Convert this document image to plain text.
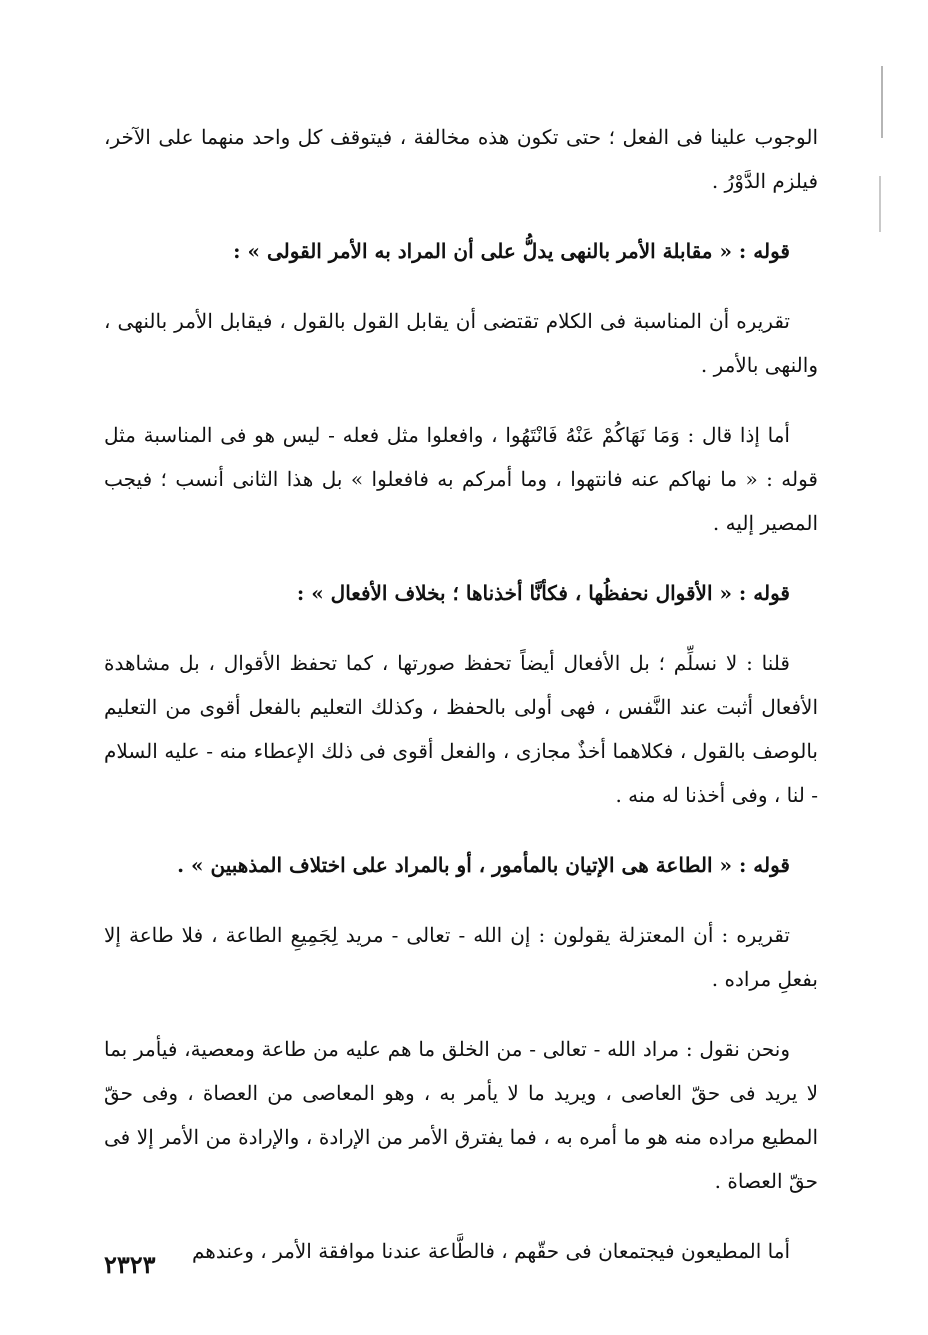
الوجوب علينا فى الفعل ؛ حتى تكون هذه مخالفة ، فيتوقف كل واحد منهما على الآخر، فيلزم الدَّوْرُ .

قوله : « مقابلة الأمر بالنهى يدلُّ على أن المراد به الأمر القولى » :

تقريره أن المناسبة فى الكلام تقتضى أن يقابل القول بالقول ، فيقابل الأمر بالنهى ، والنهى بالأمر .

أما إذا قال : وَمَا نَهَاكُمْ عَنْهُ فَانْتَهُوا ، وافعلوا مثل فعله - ليس هو فى المناسبة مثل قوله : « ما نهاكم عنه فانتهوا ، وما أمركم به فافعلوا » بل هذا الثانى أنسب ؛ فيجب المصير إليه .

قوله : « الأقوال نحفظُها ، فكأنَّا أخذناها ؛ بخلاف الأفعال » :

قلنا : لا نسلِّم ؛ بل الأفعال أيضاً تحفظ صورتها ، كما تحفظ الأقوال ، بل مشاهدة الأفعال أثبت عند النَّفس ، فهى أولى بالحفظ ، وكذلك التعليم بالفعل أقوى من التعليم بالوصف بالقول ، فكلاهما أخذٌ مجازى ، والفعل أقوى فى ذلك الإعطاء منه - عليه السلام - لنا ، وفى أخذنا له منه .

قوله : « الطاعة هى الإتيان بالمأمور ، أو بالمراد على اختلاف المذهبين » .

تقريره : أن المعتزلة يقولون : إن الله - تعالى - مريد لِجَمِيعِ الطاعة ، فلا طاعة إلا بفعلِ مراده .

ونحن نقول : مراد الله - تعالى - من الخلق ما هم عليه من طاعة ومعصية، فيأمر بما لا يريد فى حقّ العاصى ، ويريد ما لا يأمر به ، وهو المعاصى من العصاة ، وفى حقّ المطيع مراده منه هو ما أمره به ، فما يفترق الأمر من الإرادة ، والإرادة من الأمر إلا فى حقّ العصاة .

أما المطيعون فيجتمعان فى حقّهم ، فالطَّاعة عندنا موافقة الأمر ، وعندهم

٢٣٢٣
